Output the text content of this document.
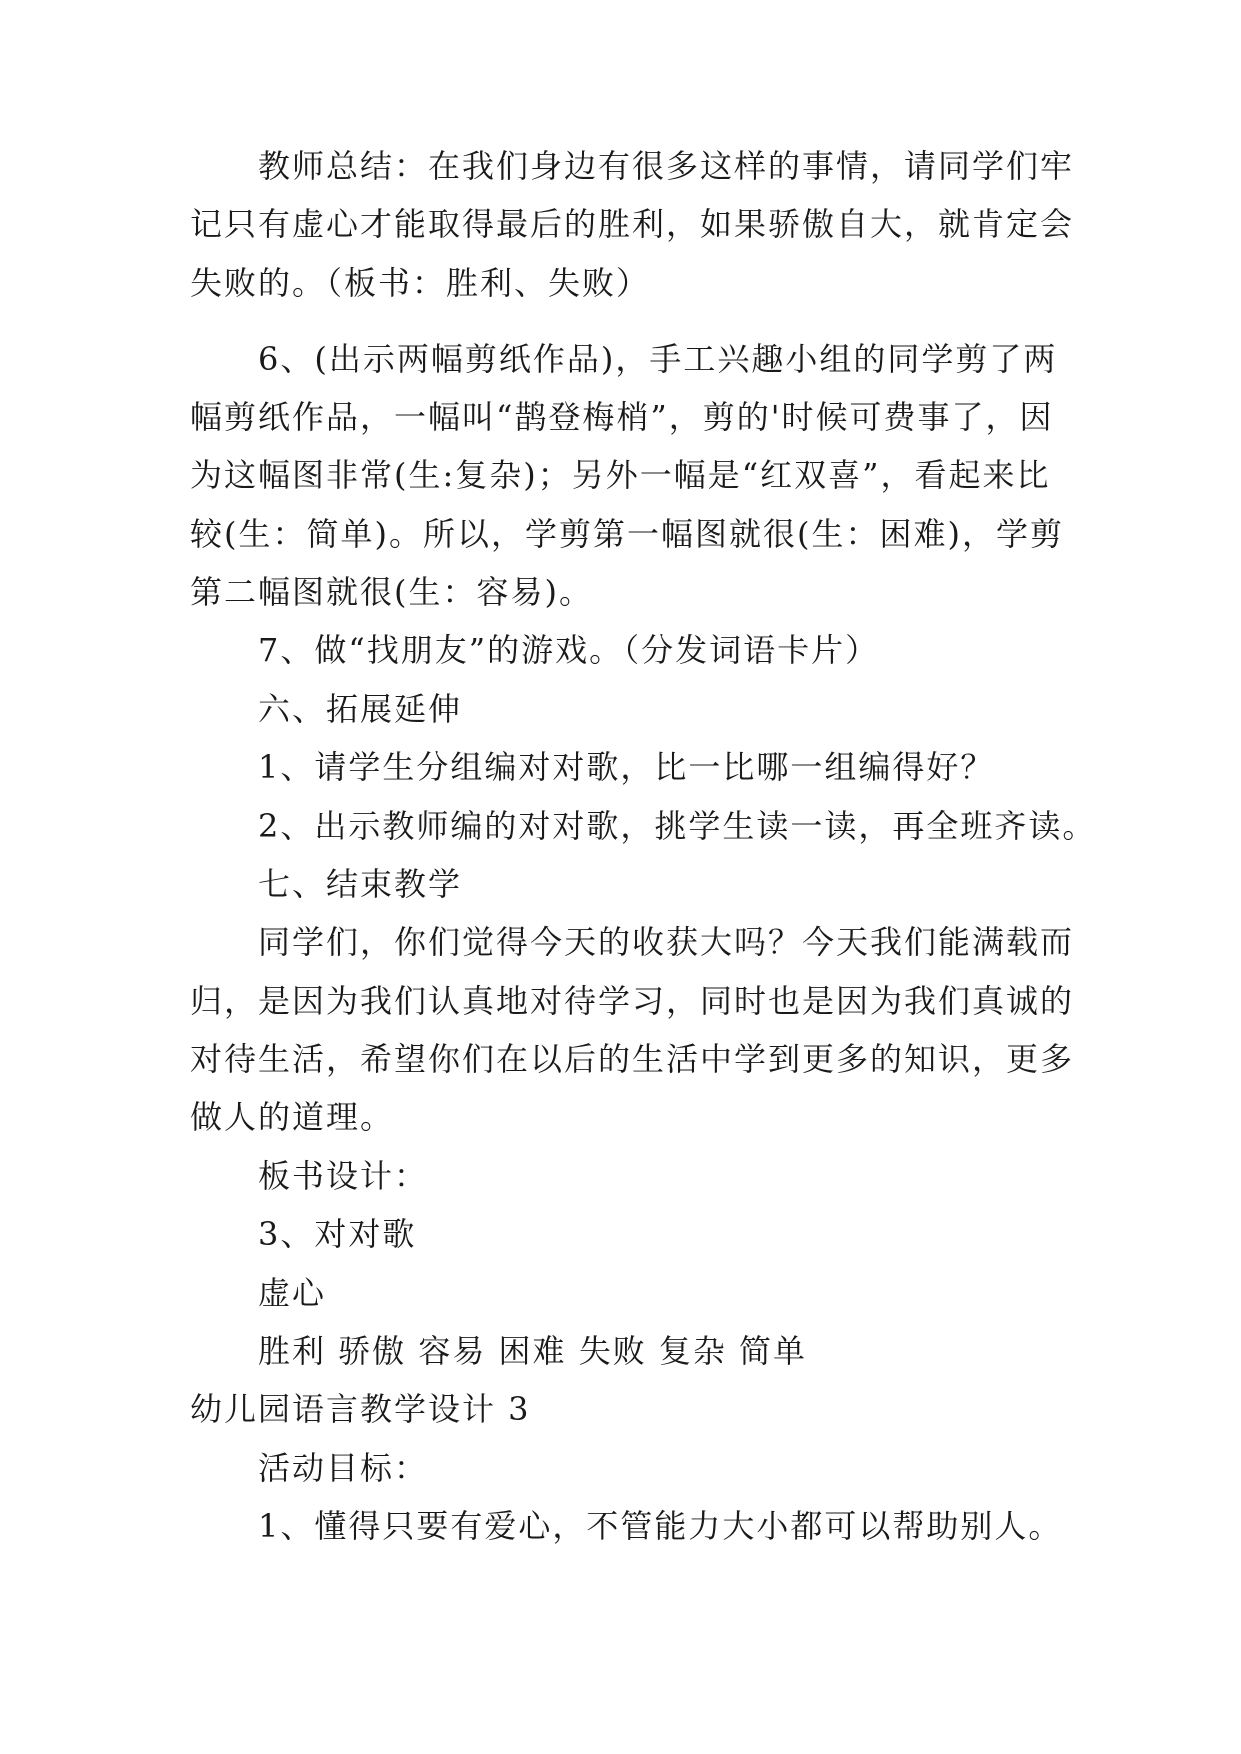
教师总结：在我们身边有很多这样的事情，请同学们牢
记只有虚心才能取得最后的胜利，如果骄傲自大，就肯定会
失败的。（板书：胜利、失败）
6、(出示两幅剪纸作品)，手工兴趣小组的同学剪了两
幅剪纸作品，一幅叫“鹊登梅梢”，剪的'时候可费事了，因
为这幅图非常(生:复杂)；另外一幅是“红双喜”，看起来比
较(生：简单)。所以，学剪第一幅图就很(生：困难)，学剪
第二幅图就很(生：容易)。
7、做“找朋友”的游戏。（分发词语卡片）
六、拓展延伸
1、请学生分组编对对歌，比一比哪一组编得好？
2、出示教师编的对对歌，挑学生读一读，再全班齐读。
七、结束教学
同学们，你们觉得今天的收获大吗？今天我们能满载而
归，是因为我们认真地对待学习，同时也是因为我们真诚的
对待生活，希望你们在以后的生活中学到更多的知识，更多
做人的道理。
板书设计：
3、对对歌
虚心
胜利 骄傲 容易 困难 失败 复杂 简单
幼儿园语言教学设计 3
活动目标：
1、懂得只要有爱心，不管能力大小都可以帮助别人。
